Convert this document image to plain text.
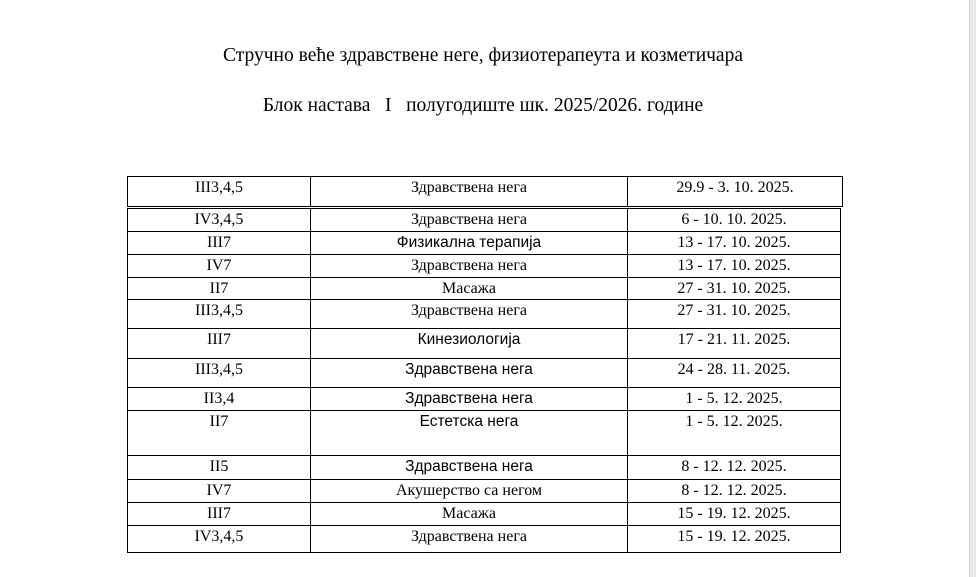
Стручно веће здравствене неге, физиотерапеута и козметичара
Блок настава   I   полугодиште шк. 2025/2026. године
III3,4,5	Здравствена нега	29.9 - 3. 10. 2025.
IV3,4,5	Здравствена нега	6 - 10. 10. 2025.
III7	Физикална терапија	13 - 17. 10. 2025.
IV7	Здравствена нега	13 - 17. 10. 2025.
II7	Масажа	27 - 31. 10. 2025.
III3,4,5	Здравствена нега	27 - 31. 10. 2025.
III7	Кинезиологија	17 - 21. 11. 2025.
III3,4,5	Здравствена нега	24 - 28. 11. 2025.
II3,4	Здравствена нега	1 - 5. 12. 2025.
II7	Естетска нега	1 - 5. 12. 2025.
II5	Здравствена нега	8 - 12. 12. 2025.
IV7	Акушерство са негом	8 - 12. 12. 2025.
III7	Масажа	15 - 19. 12. 2025.
IV3,4,5	Здравствена нега	15 - 19. 12. 2025.
